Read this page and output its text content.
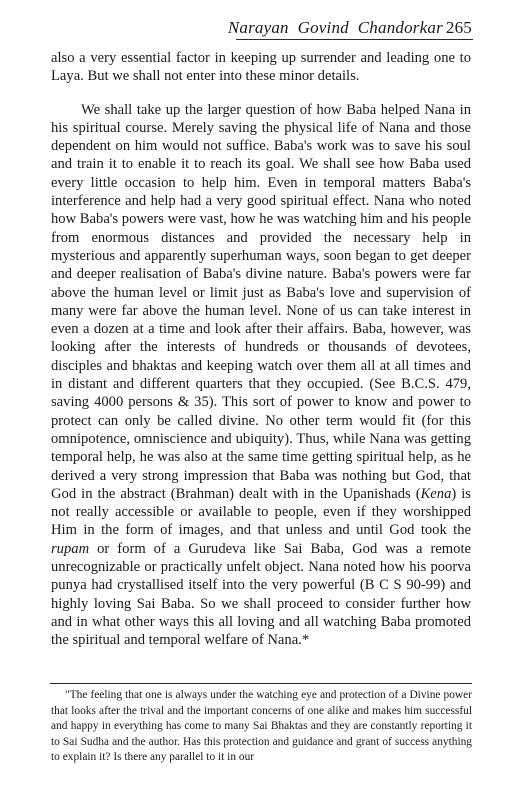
Narayan  Govind  Chandorkar 265

also a very essential factor in keeping up surrender and leading one to Laya. But we shall not enter into these minor details.

We shall take up the larger question of how Baba helped Nana in his spiritual course. Merely saving the physical life of Nana and those dependent on him would not suffice. Baba's work was to save his soul and train it to enable it to reach its goal. We shall see how Baba used every little occasion to help him. Even in temporal matters Baba's interference and help had a very good spiritual effect. Nana who noted how Baba's powers were vast, how he was watching him and his people from enormous distances and provided the necessary help in mysterious and apparently superhuman ways, soon began to get deeper and deeper realisation of Baba's divine nature. Baba's powers were far above the human level or limit just as Baba's love and supervision of many were far above the human level. None of us can take interest in even a dozen at a time and look after their affairs. Baba, however, was looking after the interests of hundreds or thousands of devotees, disciples and bhaktas and keeping watch over them all at all times and in distant and different quarters that they occupied. (See B.C.S. 479, saving 4000 persons & 35). This sort of power to know and power to protect can only be called divine. No other term would fit (for this omnipotence, omniscience and ubiquity). Thus, while Nana was getting temporal help, he was also at the same time getting spiritual help, as he derived a very strong impression that Baba was nothing but God, that God in the abstract (Brahman) dealt with in the Upanishads (Kena) is not really accessible or available to people, even if they worshipped Him in the form of images, and that unless and until God took the rupam or form of a Gurudeva like Sai Baba, God was a remote unrecognizable or practically unfelt object. Nana noted how his poorva punya had crystallised itself into the very powerful (B C S 90-99) and highly loving Sai Baba. So we shall proceed to consider further how and in what other ways this all loving and all watching Baba promoted the spiritual and temporal welfare of Nana.*

"The feeling that one is always under the watching eye and protection of a Divine power that looks after the trival and the important concerns of one alike and makes him successful and happy in everything has come to many Sai Bhaktas and they are constantly reporting it to Sai Sudha and the author. Has this protection and guidance and grant of success anything to explain it? Is there any parallel to it in our
